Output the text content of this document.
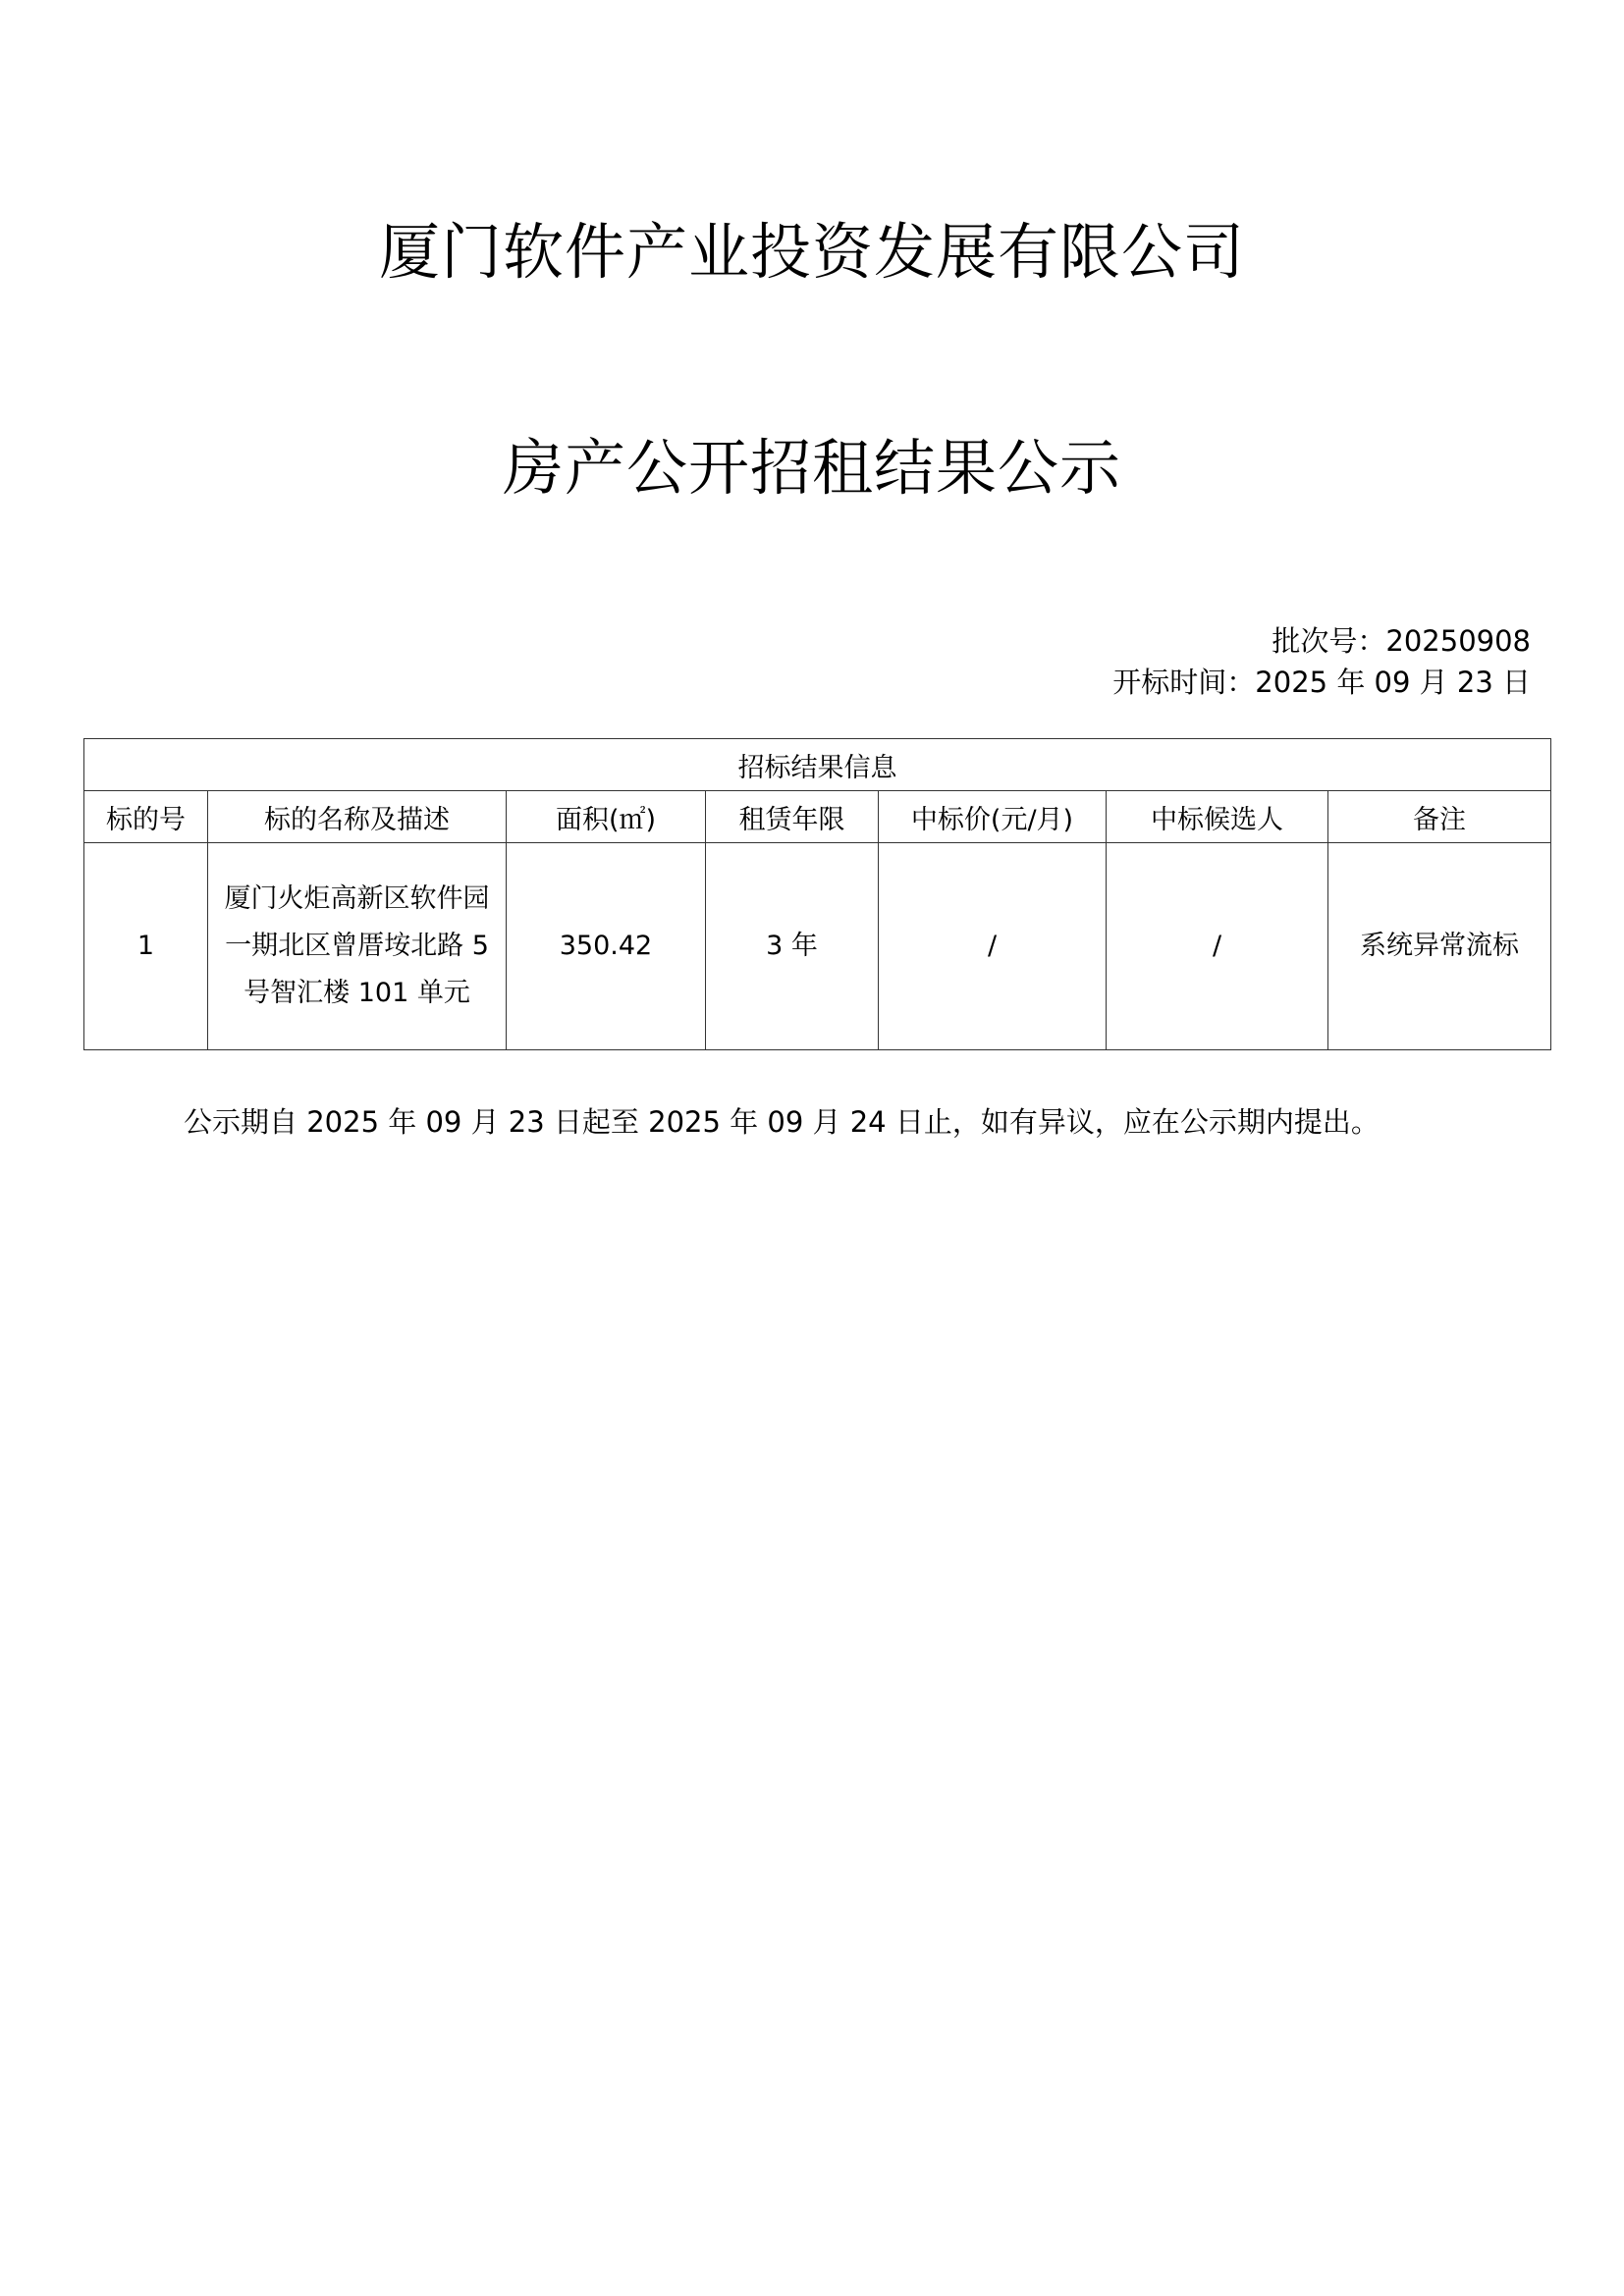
厦门软件产业投资发展有限公司
房产公开招租结果公示
批次号：20250908
开标时间：2025 年 09 月 23 日
招标结果信息						
标的号	标的名称及描述	面积(㎡)	租赁年限	中标价(元/月)	中标候选人	备注
1	厦门火炬高新区软件园一期北区曾厝垵北路 5 号智汇楼 101 单元	350.42	3 年	/	/	系统异常流标
公示期自 2025 年 09 月 23 日起至 2025 年 09 月 24 日止，如有异议，应在公示期内提出。
